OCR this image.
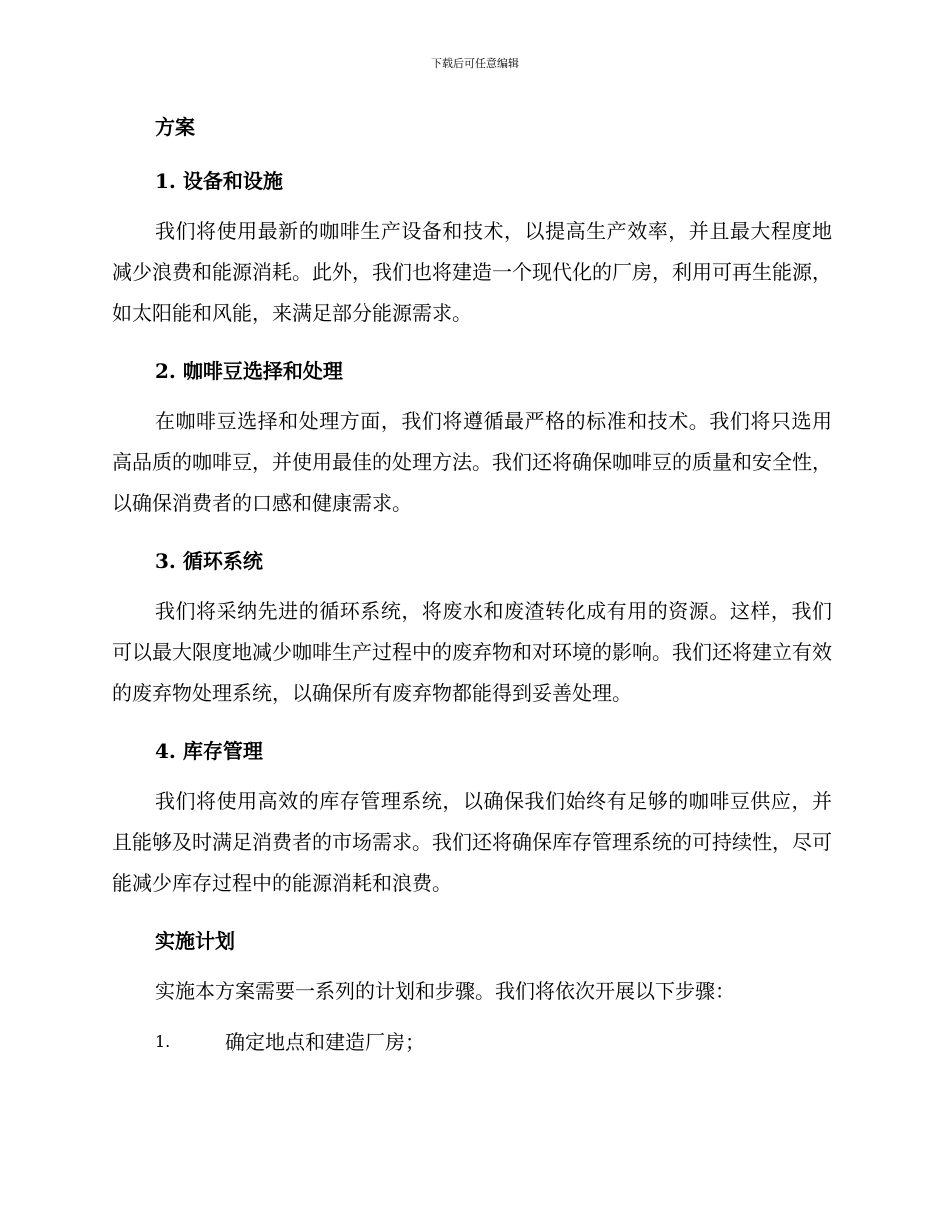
下载后可任意编辑

方案

1. 设备和设施

我们将使用最新的咖啡生产设备和技术，以提高生产效率，并且最大程度地减少浪费和能源消耗。此外，我们也将建造一个现代化的厂房，利用可再生能源，如太阳能和风能，来满足部分能源需求。

2. 咖啡豆选择和处理

在咖啡豆选择和处理方面，我们将遵循最严格的标准和技术。我们将只选用高品质的咖啡豆，并使用最佳的处理方法。我们还将确保咖啡豆的质量和安全性，以确保消费者的口感和健康需求。

3. 循环系统

我们将采纳先进的循环系统，将废水和废渣转化成有用的资源。这样，我们可以最大限度地减少咖啡生产过程中的废弃物和对环境的影响。我们还将建立有效的废弃物处理系统，以确保所有废弃物都能得到妥善处理。

4. 库存管理

我们将使用高效的库存管理系统，以确保我们始终有足够的咖啡豆供应，并且能够及时满足消费者的市场需求。我们还将确保库存管理系统的可持续性，尽可能减少库存过程中的能源消耗和浪费。

实施计划

实施本方案需要一系列的计划和步骤。我们将依次开展以下步骤：

1.	确定地点和建造厂房；
